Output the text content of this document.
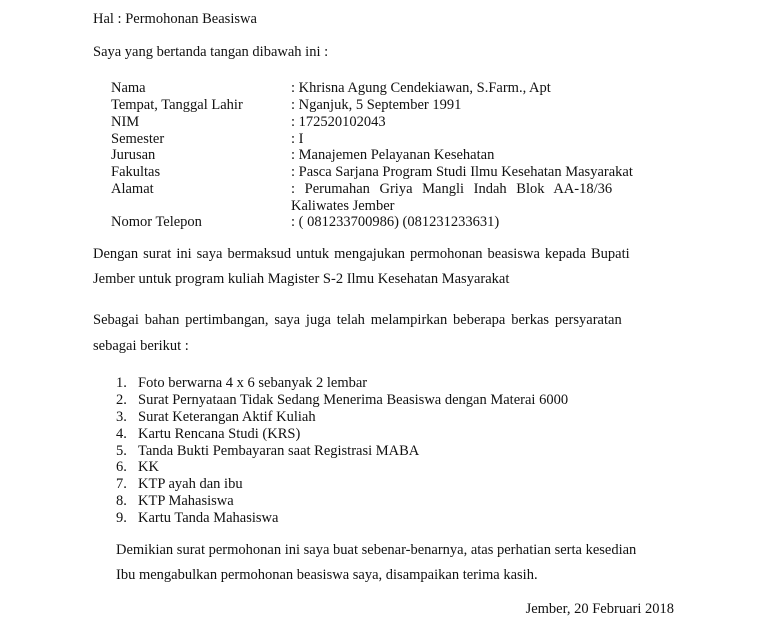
Hal : Permohonan Beasiswa
Saya yang bertanda tangan dibawah ini :
Nama	: Khrisna Agung Cendekiawan, S.Farm., Apt
Tempat, Tanggal Lahir	: Nganjuk, 5 September 1991
NIM	: 172520102043
Semester	: I
Jurusan	: Manajemen Pelayanan Kesehatan
Fakultas	: Pasca Sarjana Program Studi Ilmu Kesehatan Masyarakat
Alamat	: Perumahan Griya Mangli Indah Blok AA-18/36
Kaliwates Jember
Nomor Telepon	: ( 081233700986) (081231233631)
Dengan surat ini saya bermaksud untuk mengajukan permohonan beasiswa kepada Bupati
Jember untuk program kuliah Magister S-2 Ilmu Kesehatan Masyarakat
Sebagai bahan pertimbangan, saya juga telah melampirkan beberapa berkas persyaratan
sebagai berikut :
1. Foto berwarna 4 x 6 sebanyak 2 lembar
2. Surat Pernyataan Tidak Sedang Menerima Beasiswa dengan Materai 6000
3. Surat Keterangan Aktif Kuliah
4. Kartu Rencana Studi (KRS)
5. Tanda Bukti Pembayaran saat Registrasi MABA
6. KK
7. KTP ayah dan ibu
8. KTP Mahasiswa
9. Kartu Tanda Mahasiswa
Demikian surat permohonan ini saya buat sebenar-benarnya, atas perhatian serta kesedian
Ibu mengabulkan permohonan beasiswa saya, disampaikan terima kasih.
Jember, 20 Februari 2018
